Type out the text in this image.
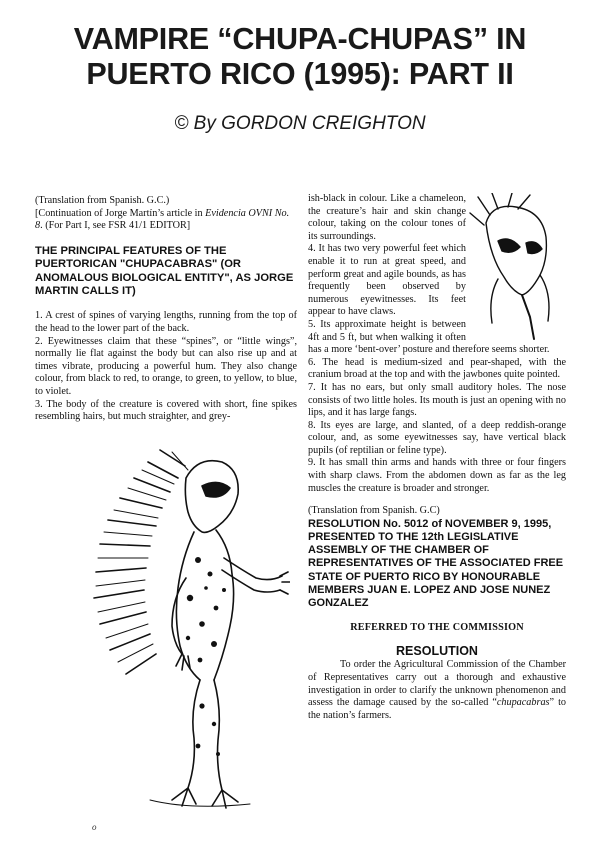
VAMPIRE “CHUPA-CHUPAS” IN
PUERTO RICO (1995): PART II
© By GORDON CREIGHTON

(Translation from Spanish. G.C.)

[Continuation of Jorge Martín’s article in Evidencia OVNI No. 8. (For Part I, see FSR 41/1 EDITOR]

THE PRINCIPAL FEATURES OF THE PUERTORICAN "CHUPACABRAS" (OR ANOMALOUS BIOLOGICAL ENTITY", AS JORGE MARTIN CALLS IT)

1. A crest of spines of varying lengths, running from the top of the head to the lower part of the back.

2. Eyewitnesses claim that these “spines”, or “little wings”, normally lie flat against the body but can also rise up and at times vibrate, producing a powerful hum. They also change colour, from black to red, to orange, to green, to yellow, to blue, to violet.

3. The body of the creature is covered with short, fine spikes resembling hairs, but much straighter, and grey-

o

ish-black in colour. Like a chameleon, the creature’s hair and skin change colour, taking on the colour tones of its surroundings.

4. It has two very powerful feet which enable it to run at great speed, and perform great and agile bounds, as has frequently been observed by numerous eyewitnesses. Its feet appear to have claws.

5. Its approximate height is between 4ft and 5 ft, but when walking it often has a more ‘bent-over’ posture and therefore seems shorter.

6. The head is medium-sized and pear-shaped, with the cranium broad at the top and with the jawbones quite pointed.

7. It has no ears, but only small auditory holes. The nose consists of two little holes. Its mouth is just an opening with no lips, and it has large fangs.

8. Its eyes are large, and slanted, of a deep reddish-orange colour, and, as some eyewitnesses say, have vertical black pupils (of reptilian or feline type).

9. It has small thin arms and hands with three or four fingers with sharp claws. From the abdomen down as far as the leg muscles the creature is broader and stronger.

(Translation from Spanish. G.C)

RESOLUTION No. 5012 of NOVEMBER 9, 1995, PRESENTED TO THE 12th LEGISLATIVE ASSEMBLY OF THE CHAMBER OF REPRESENTATIVES OF THE ASSOCIATED FREE STATE OF PUERTO RICO BY HONOURABLE MEMBERS JUAN E. LOPEZ AND JOSE NUNEZ GONZALEZ

REFERRED TO THE COMMISSION

RESOLUTION

To order the Agricultural Commission of the Chamber of Representatives carry out a thorough and exhaustive investigation in order to clarify the unknown phenomenon and assess the damage caused by the so-called “chupacabras” to the nation’s farmers.
